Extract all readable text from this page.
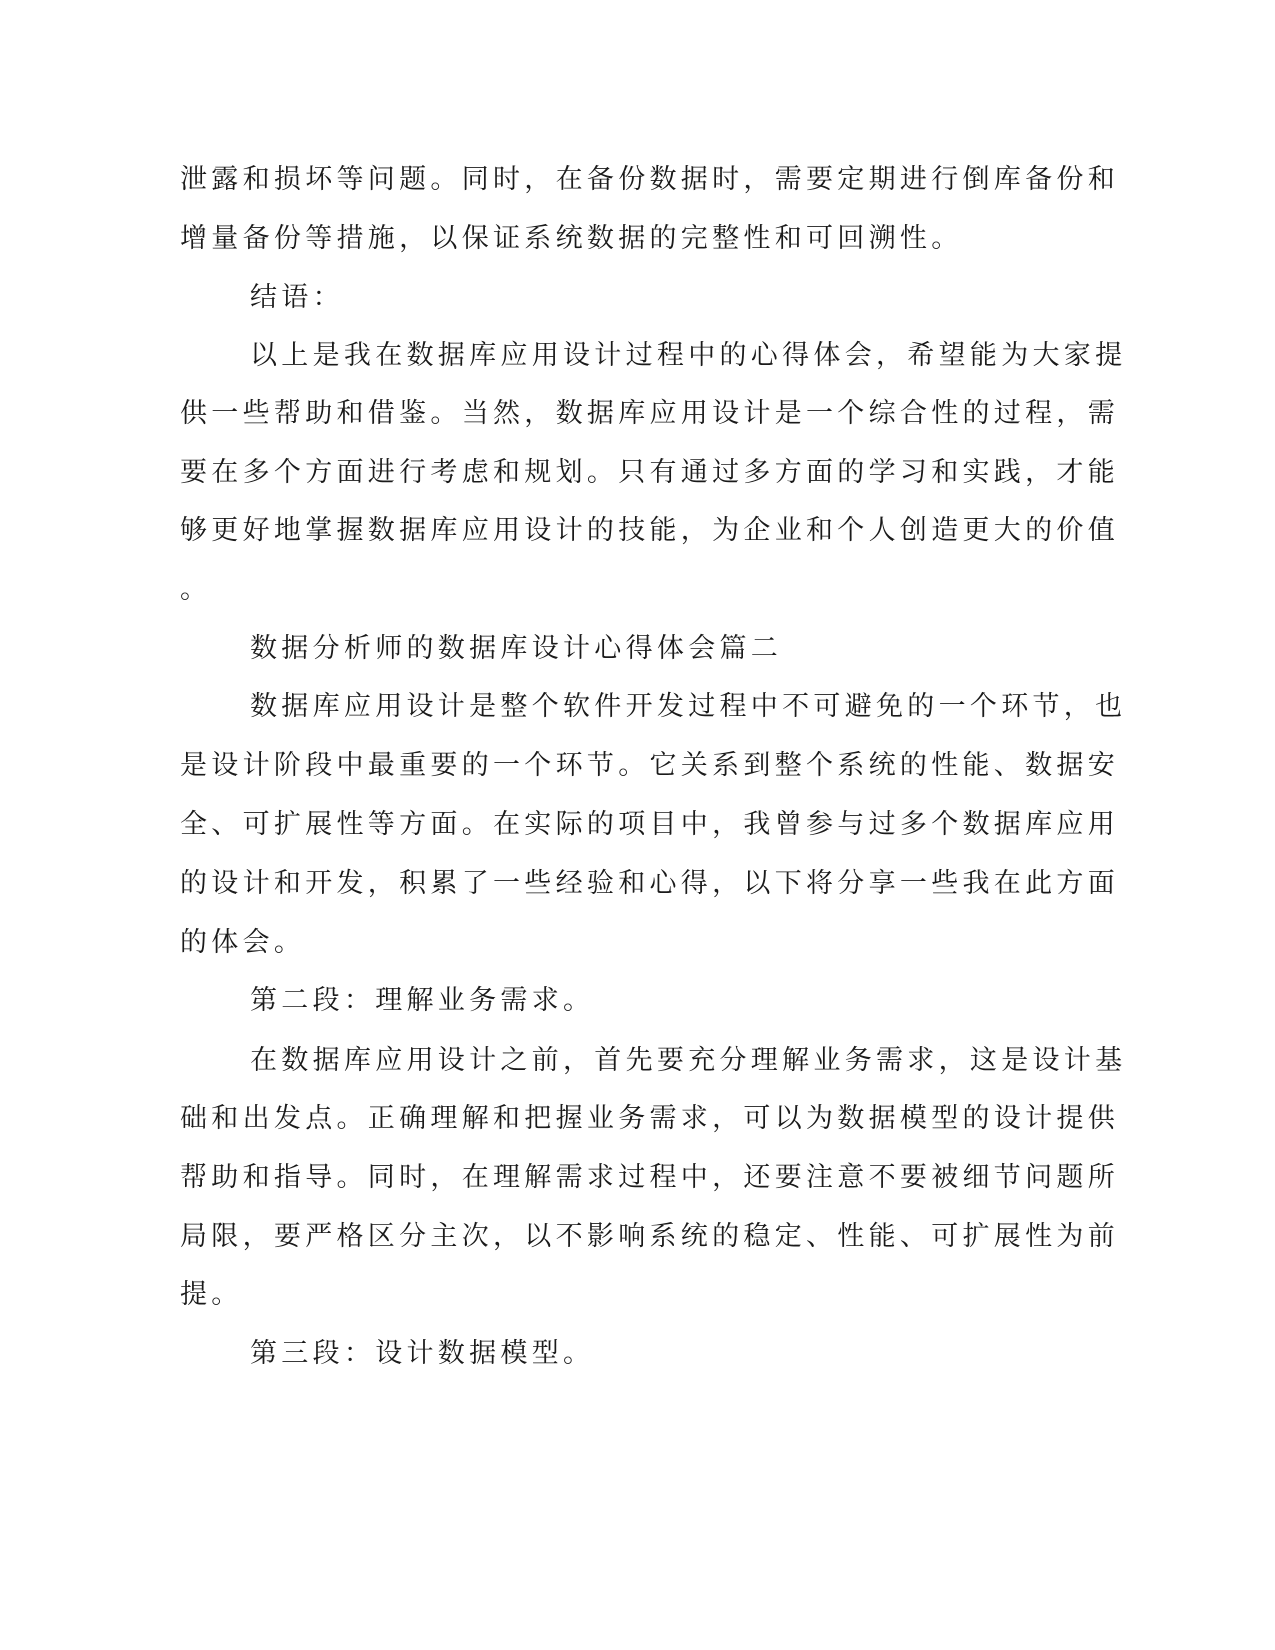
泄露和损坏等问题。同时，在备份数据时，需要定期进行倒库备份和
增量备份等措施，以保证系统数据的完整性和可回溯性。
结语：
以上是我在数据库应用设计过程中的心得体会，希望能为大家提
供一些帮助和借鉴。当然，数据库应用设计是一个综合性的过程，需
要在多个方面进行考虑和规划。只有通过多方面的学习和实践，才能
够更好地掌握数据库应用设计的技能，为企业和个人创造更大的价值
。
数据分析师的数据库设计心得体会篇二
数据库应用设计是整个软件开发过程中不可避免的一个环节，也
是设计阶段中最重要的一个环节。它关系到整个系统的性能、数据安
全、可扩展性等方面。在实际的项目中，我曾参与过多个数据库应用
的设计和开发，积累了一些经验和心得，以下将分享一些我在此方面
的体会。
第二段：理解业务需求。
在数据库应用设计之前，首先要充分理解业务需求，这是设计基
础和出发点。正确理解和把握业务需求，可以为数据模型的设计提供
帮助和指导。同时，在理解需求过程中，还要注意不要被细节问题所
局限，要严格区分主次，以不影响系统的稳定、性能、可扩展性为前
提。
第三段：设计数据模型。
